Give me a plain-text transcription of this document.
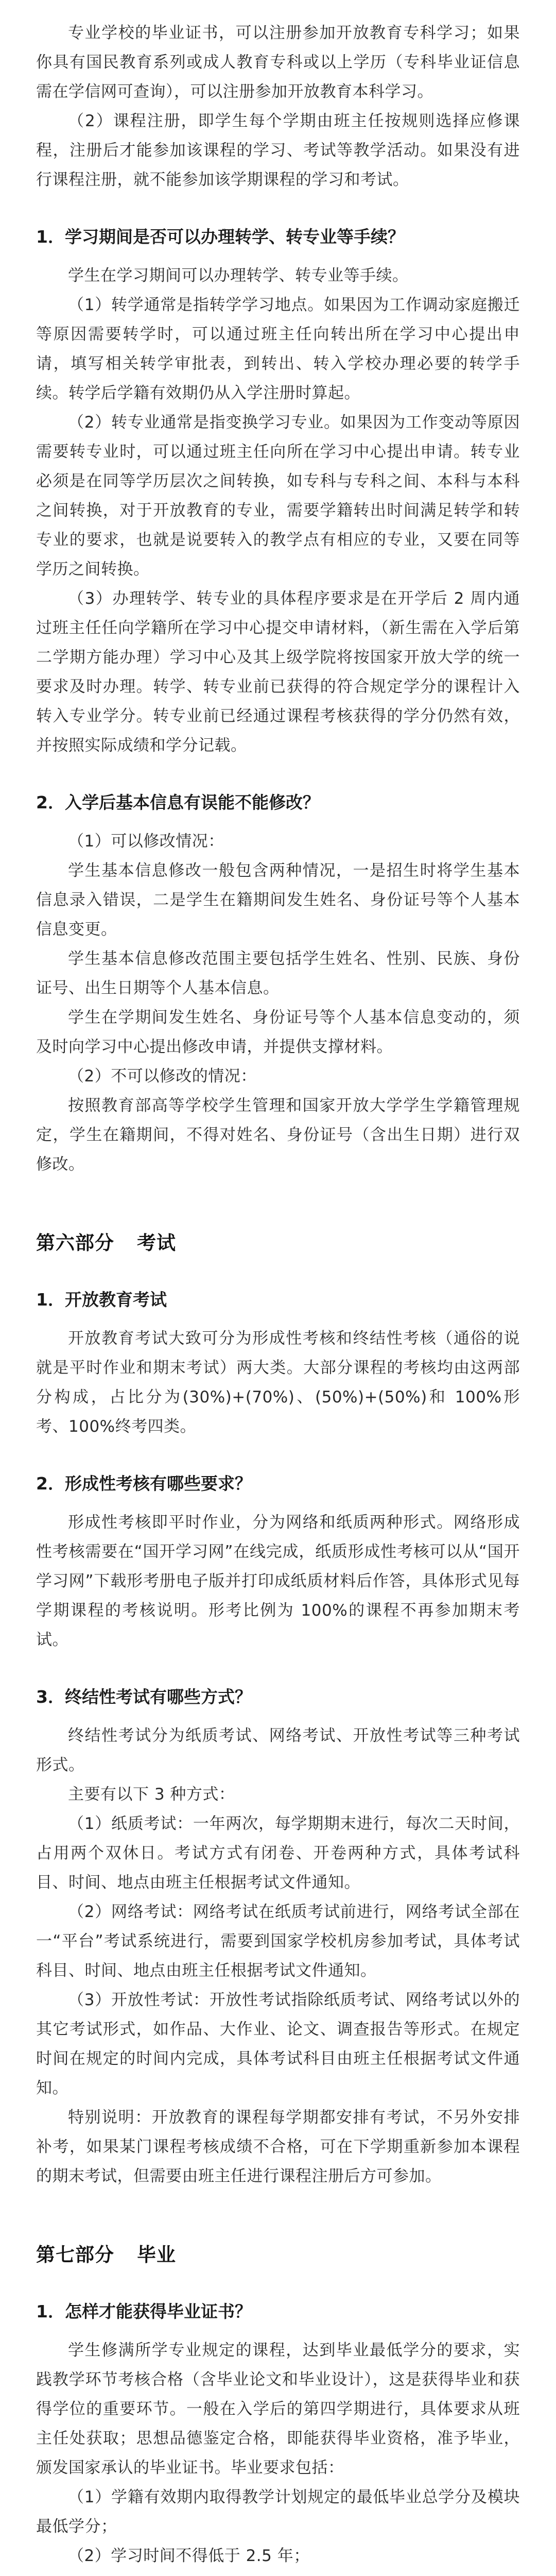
专业学校的毕业证书，可以注册参加开放教育专科学习；如果你具有国民教育系列或成人教育专科或以上学历（专科毕业证信息需在学信网可查询），可以注册参加开放教育本科学习。

（2）课程注册，即学生每个学期由班主任按规则选择应修课程，注册后才能参加该课程的学习、考试等教学活动。如果没有进行课程注册，就不能参加该学期课程的学习和考试。

1．学习期间是否可以办理转学、转专业等手续？

学生在学习期间可以办理转学、转专业等手续。

（1）转学通常是指转学学习地点。如果因为工作调动家庭搬迁等原因需要转学时，可以通过班主任向转出所在学习中心提出申请，填写相关转学审批表，到转出、转入学校办理必要的转学手续。转学后学籍有效期仍从入学注册时算起。

（2）转专业通常是指变换学习专业。如果因为工作变动等原因需要转专业时，可以通过班主任向所在学习中心提出申请。转专业必须是在同等学历层次之间转换，如专科与专科之间、本科与本科之间转换，对于开放教育的专业，需要学籍转出时间满足转学和转专业的要求，也就是说要转入的教学点有相应的专业，又要在同等学历之间转换。

（3）办理转学、转专业的具体程序要求是在开学后 2 周内通过班主任任向学籍所在学习中心提交申请材料，（新生需在入学后第二学期方能办理）学习中心及其上级学院将按国家开放大学的统一要求及时办理。转学、转专业前已获得的符合规定学分的课程计入转入专业学分。转专业前已经通过课程考核获得的学分仍然有效，并按照实际成绩和学分记载。

2．入学后基本信息有误能不能修改？

（1）可以修改情况：

学生基本信息修改一般包含两种情况，一是招生时将学生基本信息录入错误，二是学生在籍期间发生姓名、身份证号等个人基本信息变更。

学生基本信息修改范围主要包括学生姓名、性别、民族、身份证号、出生日期等个人基本信息。

学生在学期间发生姓名、身份证号等个人基本信息变动的，须及时向学习中心提出修改申请，并提供支撑材料。

（2）不可以修改的情况：

按照教育部高等学校学生管理和国家开放大学学生学籍管理规定，学生在籍期间，不得对姓名、身份证号（含出生日期）进行双修改。

第六部分 考试
1．开放教育考试

开放教育考试大致可分为形成性考核和终结性考核（通俗的说就是平时作业和期末考试）两大类。大部分课程的考核均由这两部分构成，占比分为(30%)+(70%)、(50%)+(50%)和 100%形考、100%终考四类。

2．形成性考核有哪些要求？

形成性考核即平时作业，分为网络和纸质两种形式。网络形成性考核需要在“国开学习网”在线完成，纸质形成性考核可以从“国开学习网”下载形考册电子版并打印成纸质材料后作答，具体形式见每学期课程的考核说明。形考比例为 100%的课程不再参加期末考试。

3．终结性考试有哪些方式？

终结性考试分为纸质考试、网络考试、开放性考试等三种考试形式。

主要有以下 3 种方式：

（1）纸质考试：一年两次，每学期期末进行，每次二天时间，占用两个双休日。考试方式有闭卷、开卷两种方式，具体考试科目、时间、地点由班主任根据考试文件通知。

（2）网络考试：网络考试在纸质考试前进行，网络考试全部在一“平台”考试系统进行，需要到国家学校机房参加考试，具体考试科目、时间、地点由班主任根据考试文件通知。

（3）开放性考试：开放性考试指除纸质考试、网络考试以外的其它考试形式，如作品、大作业、论文、调查报告等形式。在规定时间在规定的时间内完成，具体考试科目由班主任根据考试文件通知。

特别说明：开放教育的课程每学期都安排有考试，不另外安排补考，如果某门课程考核成绩不合格，可在下学期重新参加本课程的期末考试，但需要由班主任进行课程注册后方可参加。

第七部分 毕业
1．怎样才能获得毕业证书？

学生修满所学专业规定的课程，达到毕业最低学分的要求，实践教学环节考核合格（含毕业论文和毕业设计），这是获得毕业和获得学位的重要环节。一般在入学后的第四学期进行，具体要求从班主任处获取；思想品德鉴定合格，即能获得毕业资格，准予毕业，颁发国家承认的毕业证书。毕业要求包括：

（1）学籍有效期内取得教学计划规定的最低毕业总学分及模块最低学分；

（2）学习时间不得低于 2.5 年；
